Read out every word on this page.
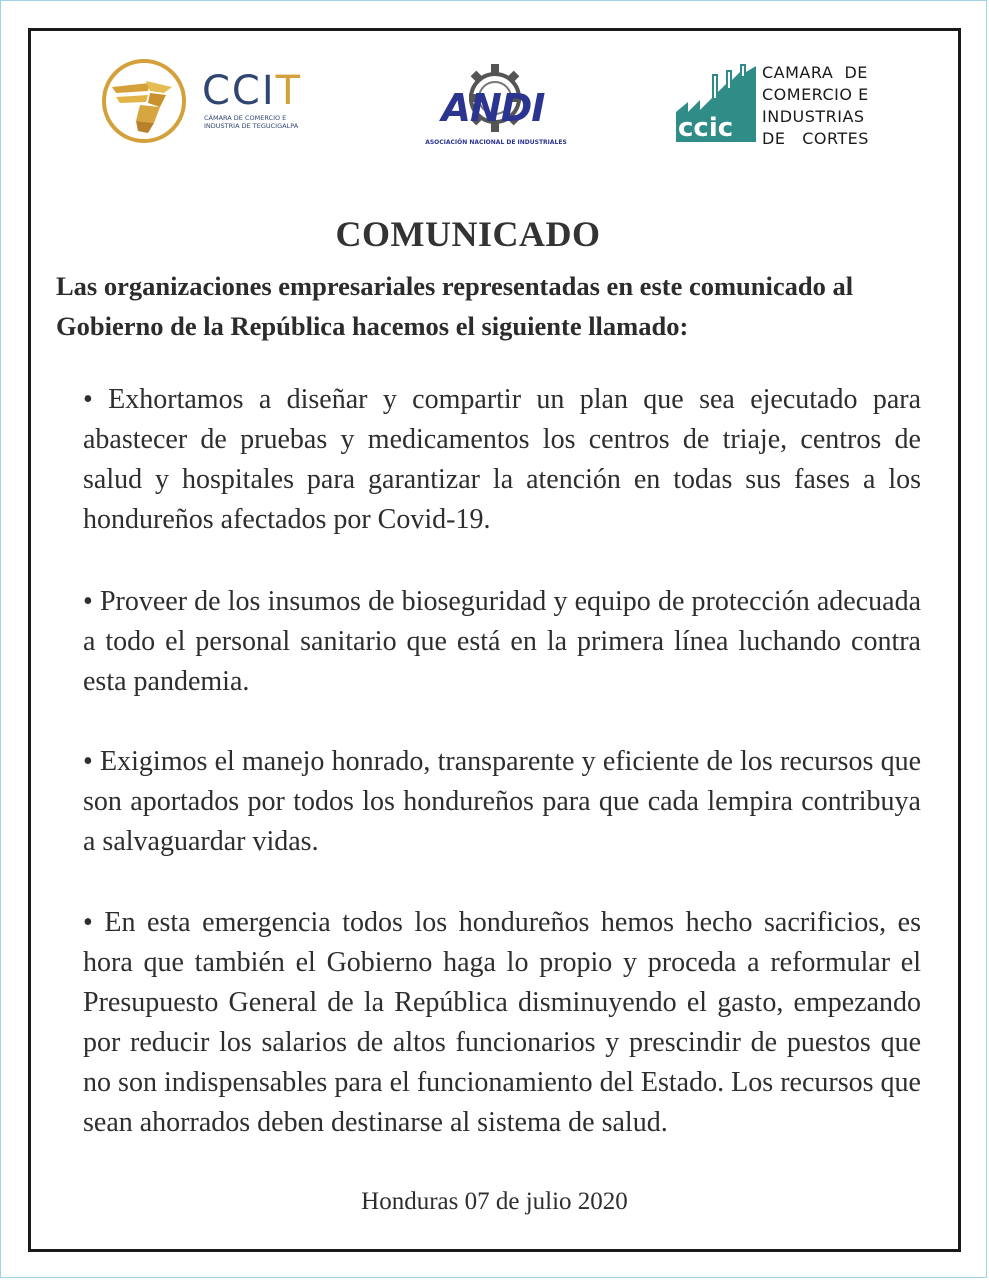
CCIT
CÁMARA DE COMERCIO E INDUSTRIA DE TEGUCIGALPA	ANDI
ASOCIACIÓN NACIONAL DE INDUSTRIALES	ccic
CAMARA  DE
COMERCIO E
INDUSTRIAS
DE   CORTES
COMUNICADO
Las organizaciones empresariales representadas en este comunicado al Gobierno de la República hacemos el siguiente llamado:
• Exhortamos a diseñar y compartir un plan que sea ejecutado para abastecer de pruebas y medicamentos los centros de triaje, centros de salud y hospitales para garantizar la atención en todas sus fases a los hondureños afectados por Covid-19.
• Proveer de los insumos de bioseguridad y equipo de protección adecuada a todo el personal sanitario que está en la primera línea luchando contra esta pandemia.
• Exigimos el manejo honrado, transparente y eficiente de los recursos que son aportados por todos los hondureños para que cada lempira contribuya a salvaguardar vidas.
• En esta emergencia todos los hondureños hemos hecho sacrificios, es hora que también el Gobierno haga lo propio y proceda a reformular el Presupuesto General de la República disminuyendo el gasto, empezando por reducir los salarios de altos funcionarios y prescindir de puestos que no son indispensables para el funcionamiento del Estado. Los recursos que sean ahorrados deben destinarse al sistema de salud.
Honduras 07 de julio 2020
